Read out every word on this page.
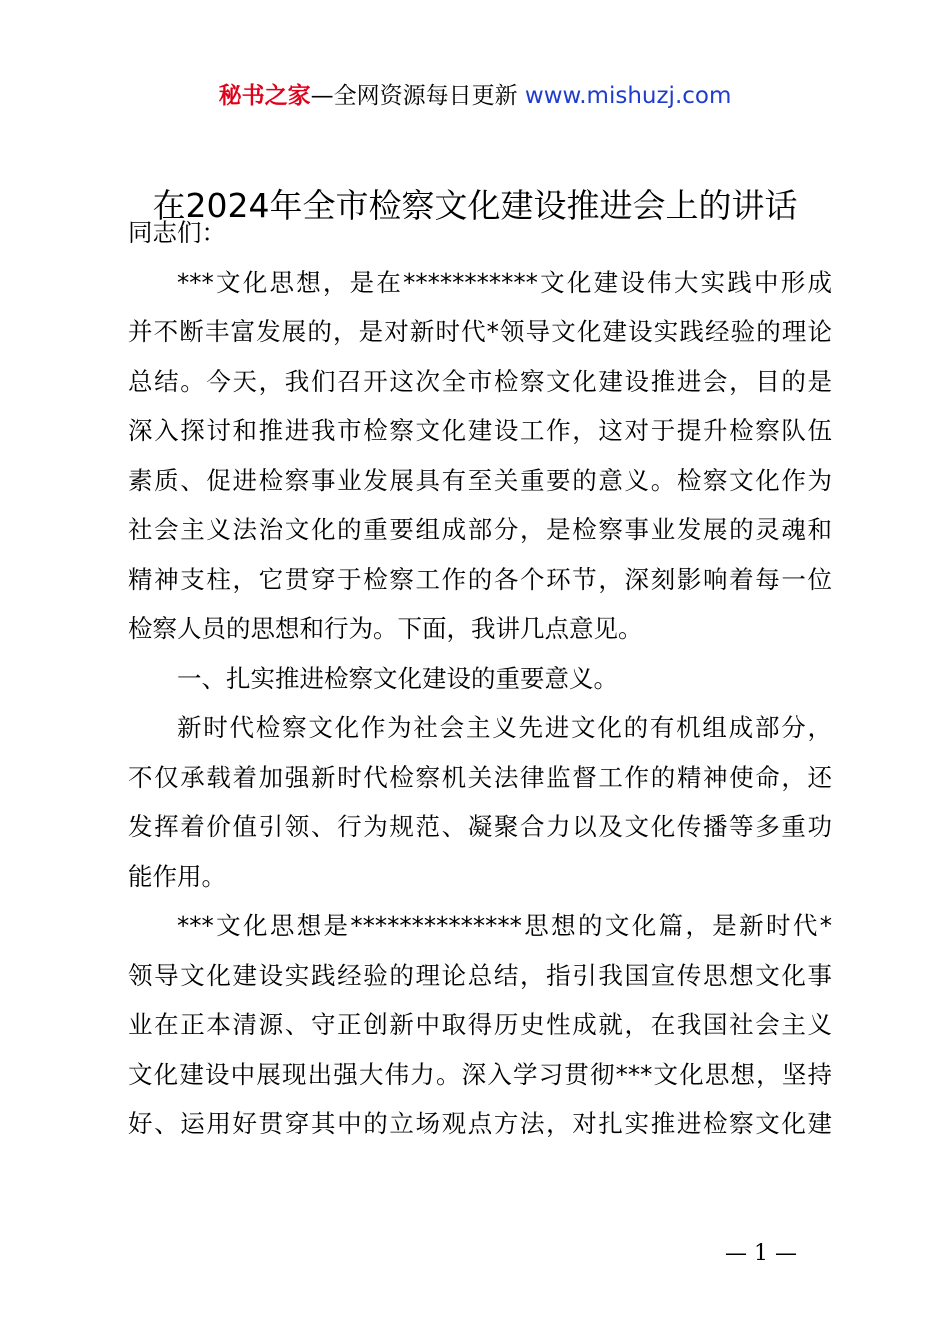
秘书之家—全网资源每日更新 www.mishuzj.com
在2024年全市检察文化建设推进会上的讲话
同志们：
***文化思想，是在***********文化建设伟大实践中形成
并不断丰富发展的，是对新时代*领导文化建设实践经验的理论
总结。今天，我们召开这次全市检察文化建设推进会，目的是
深入探讨和推进我市检察文化建设工作，这对于提升检察队伍
素质、促进检察事业发展具有至关重要的意义。检察文化作为
社会主义法治文化的重要组成部分，是检察事业发展的灵魂和
精神支柱，它贯穿于检察工作的各个环节，深刻影响着每一位
检察人员的思想和行为。下面，我讲几点意见。
一、扎实推进检察文化建设的重要意义。
新时代检察文化作为社会主义先进文化的有机组成部分，
不仅承载着加强新时代检察机关法律监督工作的精神使命，还
发挥着价值引领、行为规范、凝聚合力以及文化传播等多重功
能作用。
***文化思想是**************思想的文化篇，是新时代*
领导文化建设实践经验的理论总结，指引我国宣传思想文化事
业在正本清源、守正创新中取得历史性成就，在我国社会主义
文化建设中展现出强大伟力。深入学习贯彻***文化思想，坚持
好、运用好贯穿其中的立场观点方法，对扎实推进检察文化建
— 1 —
